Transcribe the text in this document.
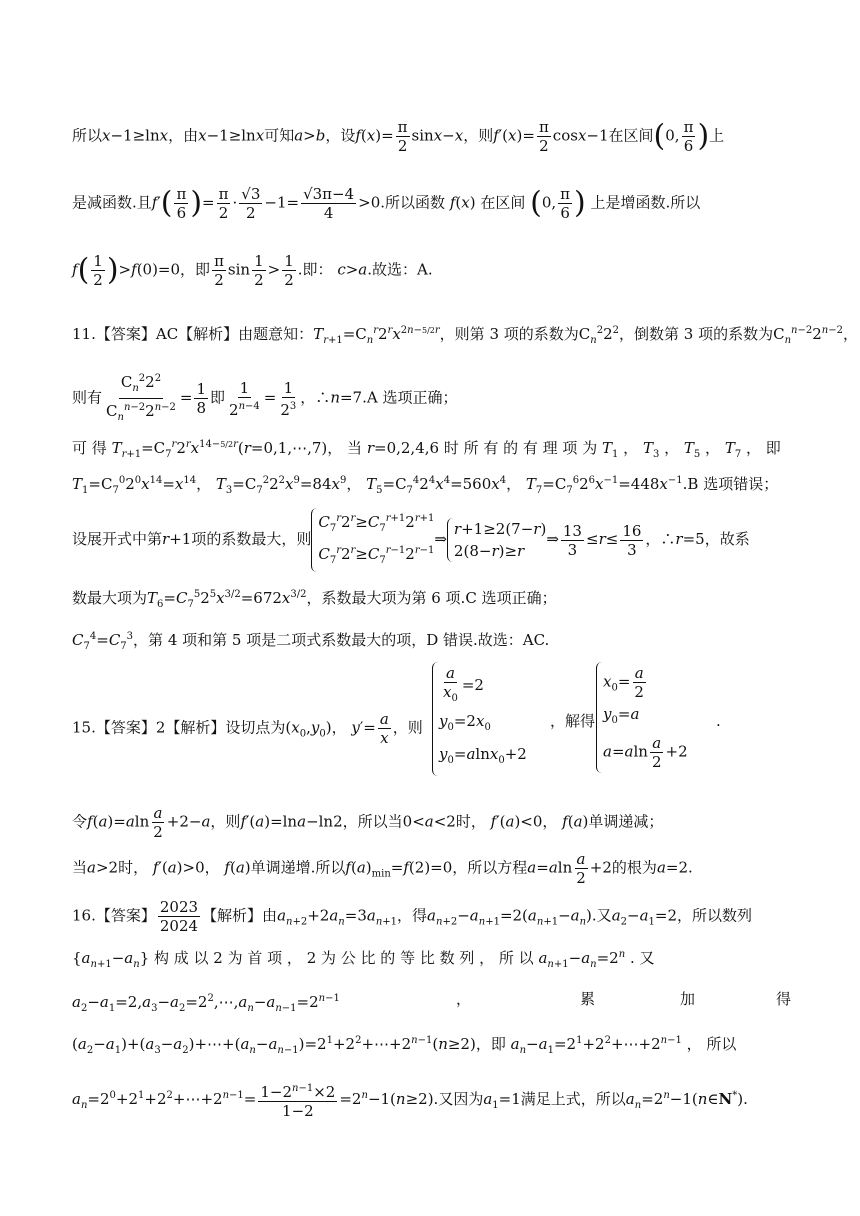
所以x−1≥lnx，由x−1≥lnx可知a>b，设$f(x)= \frac{\pi}{2} \sin x-x$，则$f'(x)= \frac{\pi}{2} \cos x-1$在区间(0, $\frac{\pi}{6}$ )上
是减函数.且$f'( \frac{\pi}{6}$ )= $\frac{\pi}{2} \cdot \frac{√3}{2} -1= \frac{√3\pi-4}{4} >0$.所以函数 f(x) 在区间 (0, $\frac{\pi}{6}$ ) 上是增函数.所以
$f( \frac{1}{2} )>f(0)=0$，即 $\frac{\pi}{2}$ $\sin \frac{1}{2} > \frac{1}{2}$ .即： c>a.故选：A.
11.【答案】AC【解析】由题意知：$T_{r+1}=C_n^r2^rx^{2n-5/2r}$，则第 3 项的系数为$C_n^22^2$，倒数第 3 项的系数为$C_n^{n-2}2^{n-2}$，
则有
$C_n^22^2$
$C_n^{n-2}2^{n-2}$
= $\frac{1}{8}$ 即 $\frac{1}{2^{n-4}} = \frac{1}{2^3}$ ，∴n=7.A 选项正确；
可 得 $T_{r+1}=C_7^r2^rx^{14-5/2r}(r=0,1,\cdots,7)$， 当 r=0,2,4,6 时 所 有 的 有 理 项 为 $T_1$ ， $T_3$ ， $T_5$ ， $T_7$ ， 即
$T_1=C_7^02^0x^{14}=x^{14}$， $T_3=C_7^22^2x^9=84x^9$， $T_5=C_7^42^4x^4=560x^4$， $T_7=C_7^62^6x^{-1}=448x^{-1}.B$ 选项错误；
设展开式中第r+1项的系数最大，则
$C_7^r2^r\ge C_7^{r+1}2^{r+1}$
$C_7^r2^r\ge C_7^{r-1}2^{r-1}$
⇒
r+1≥2(7−r)
2(8−r)≥r
⇒ $\frac{13}{3} \le r\le \frac{16}{3}$ ，∴r=5，故系
数最大项为$T_6=C_7^52^5x^{3/2}=672x^{3/2}$，系数最大项为第 6 项.C 选项正确；
$C_7^4=C_7^3$，第 4 项和第 5 项是二项式系数最大的项，D 错误.故选：AC.
15.【答案】2【解析】设切点为$(x_0,y_0)$， $y'= \frac{a}{x}$ ，则
$\frac{a}{x_0} =2$
$y_0=2x_0$
$y_0=alnx_0+2$
，解得
$x_0= \frac{a}{2}$
$y_0=a$
$a=aln \frac{a}{2} +2$
.
令$f(a)=aln \frac{a}{2} +2-a$，则f′(a)=lna−ln2，所以当0<a<2时， f′(a)<0， f(a)单调递减；
当a>2时， f′(a)>0， f(a)单调递增.所以$f(a)_{min}=f(2)=0$，所以方程$a=aln \frac{a}{2} +2$的根为a=2.
16.【答案】 $\frac{2023}{2024}$ 【解析】由$a_{n+2}+2a_n=3a_{n+1}$，得$a_{n+2}-a_{n+1}=2(a_{n+1}-a_n)$.又$a_2-a_1=2$，所以数列
$\{a_{n+1}-a_n\}$ 构 成 以 2 为 首 项 ， 2 为 公 比 的 等 比 数 列 ， 所 以 $a_{n+1}-a_n=2^n$ . 又
$a_2-a_1=2,a_3-a_2=2^2,\cdots,a_n-a_{n-1}=2^{n-1}$	，	累	加	得
$(a_2-a_1)+(a_3-a_2)+\cdots+(a_n-a_{n-1})=2^1+2^2+\cdots+2^{n-1}(n\ge 2)$，即 $a_n-a_1=2^1+2^2+\cdots+2^{n-1}$ ， 所以
$a_n=2^0+2^1+2^2+\cdots+2^{n-1}= \frac{1-2^{n-1}\times 2}{1-2} =2^n-1(n\ge 2)$.又因为$a_1=1$满足上式，所以$a_n=2^n-1(n\in N^*)$.
